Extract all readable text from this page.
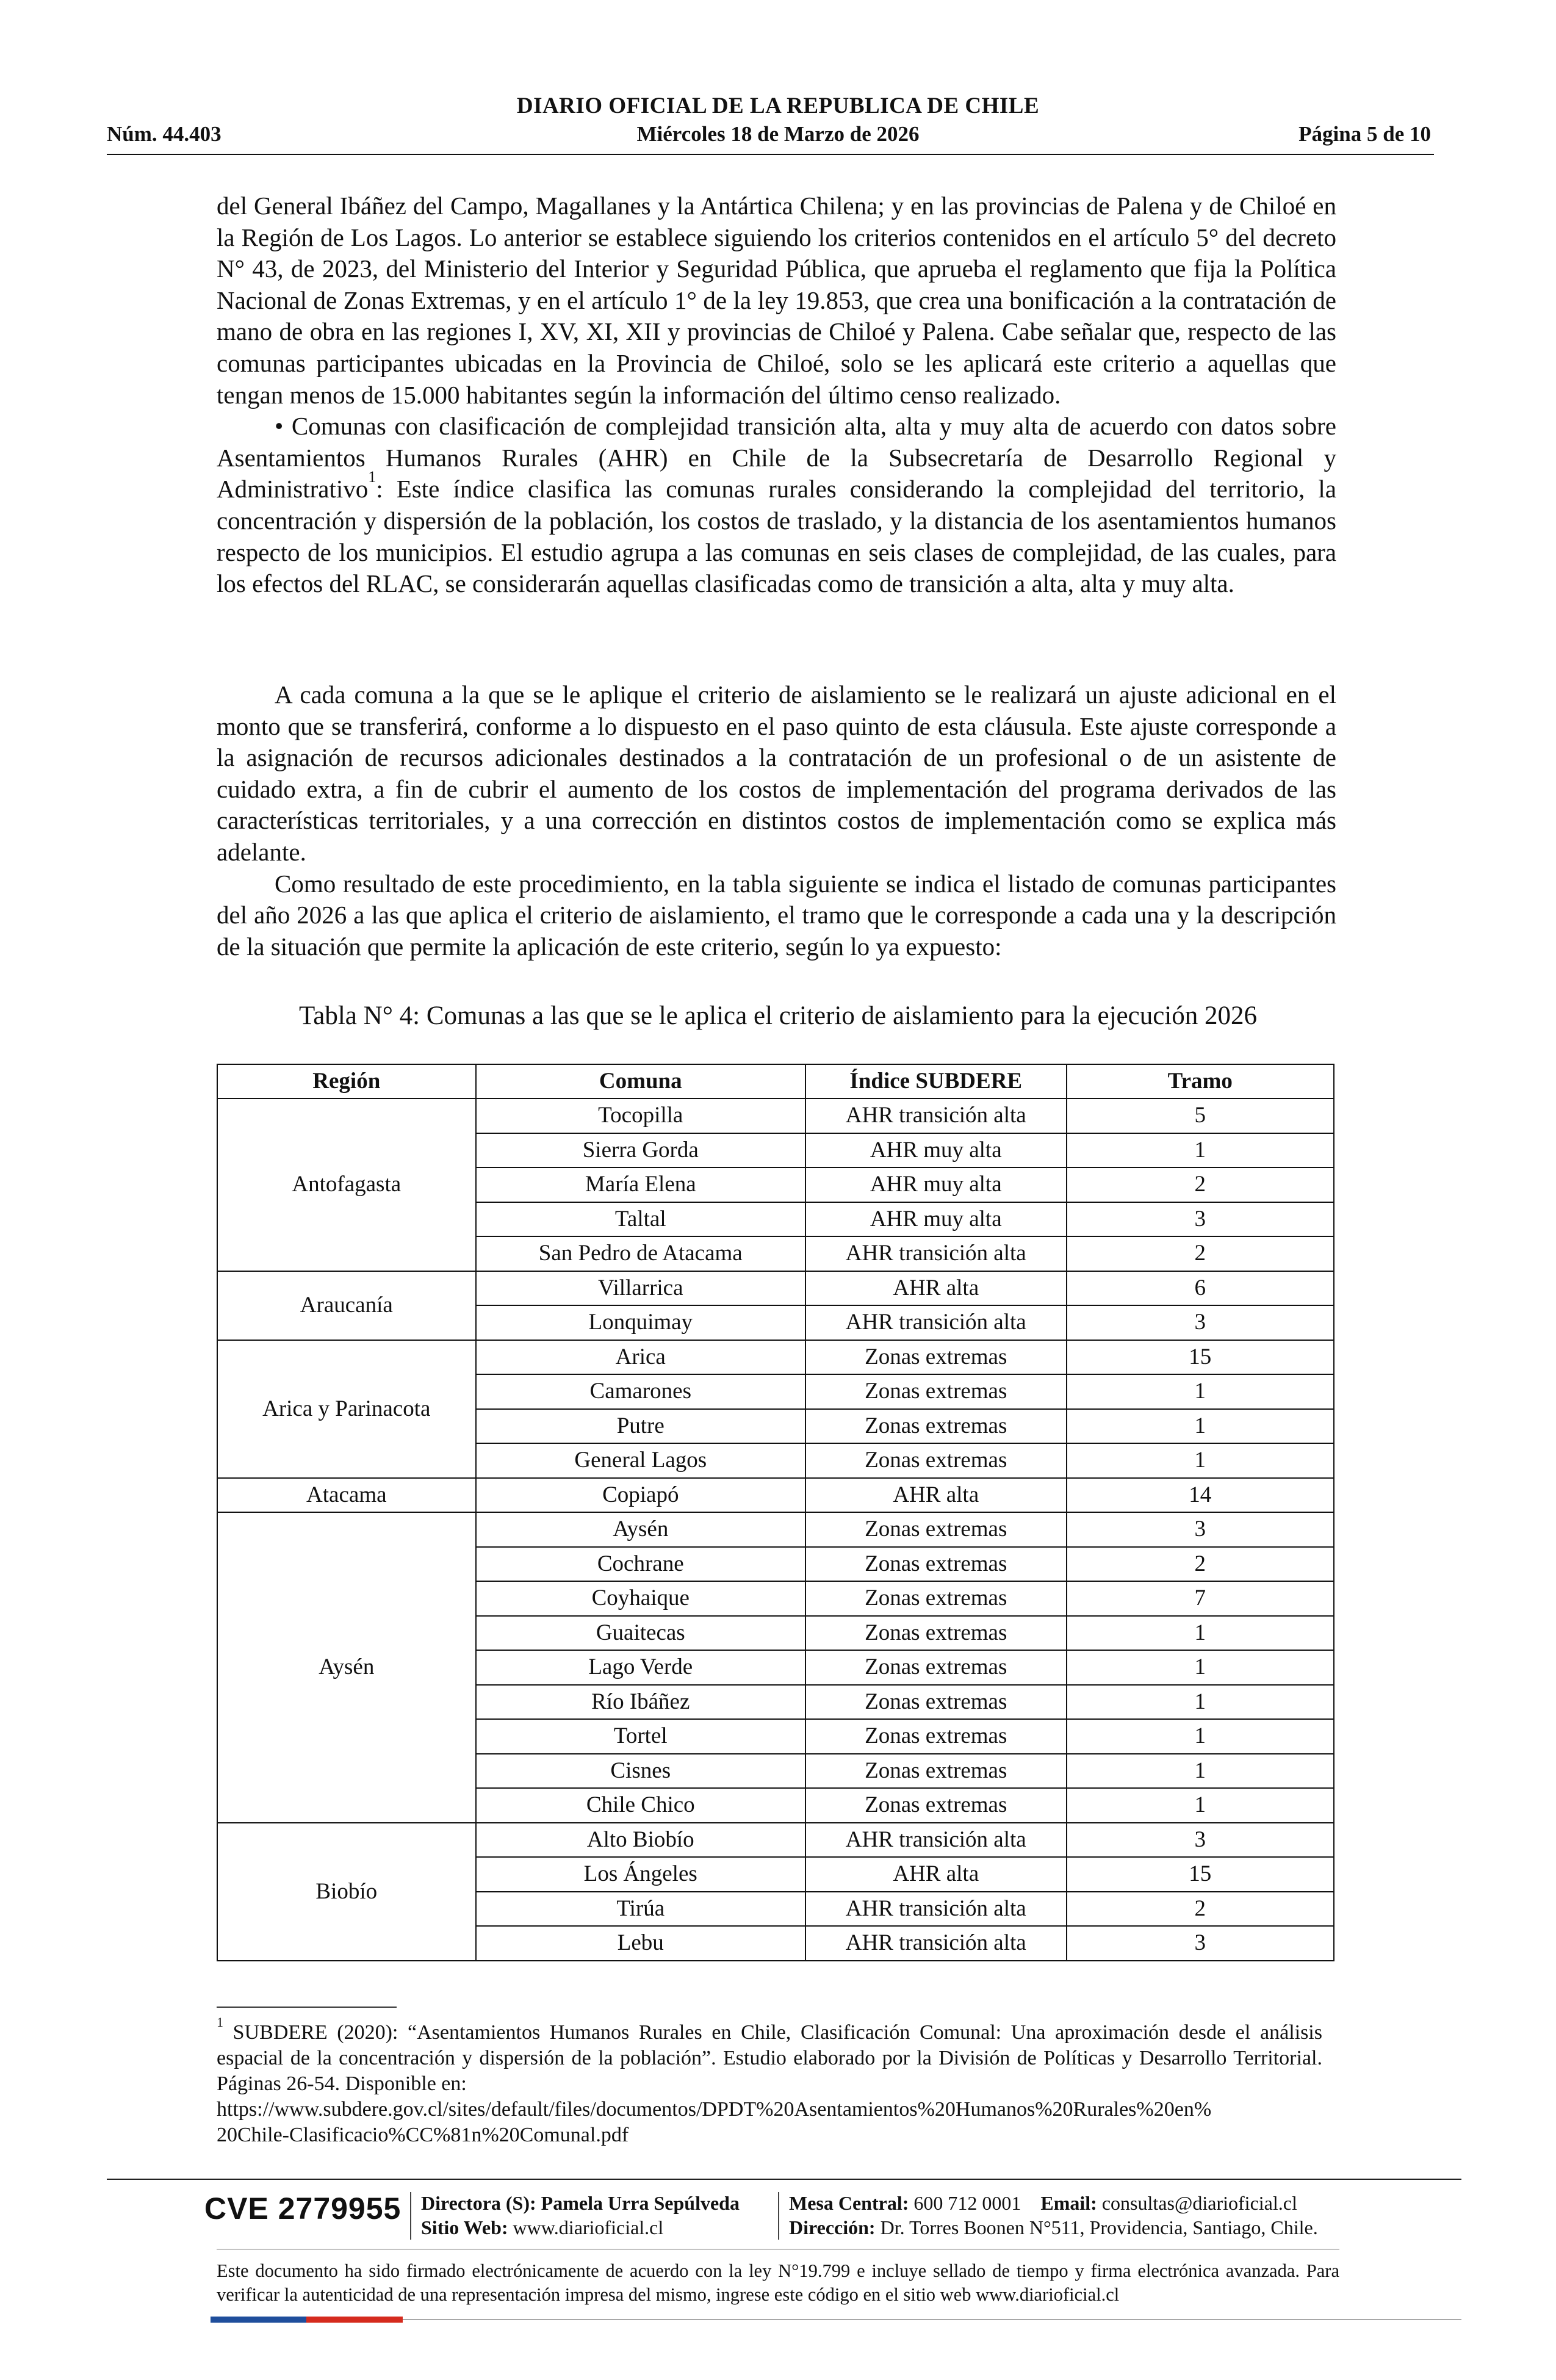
DIARIO OFICIAL DE LA REPUBLICA DE CHILE
Núm. 44.403	Miércoles 18 de Marzo de 2026	Página 5 de 10

del General Ibáñez del Campo, Magallanes y la Antártica Chilena; y en las provincias de Palena y de Chiloé en la Región de Los Lagos. Lo anterior se establece siguiendo los criterios contenidos en el artículo 5° del decreto N° 43, de 2023, del Ministerio del Interior y Seguridad Pública, que aprueba el reglamento que fija la Política Nacional de Zonas Extremas, y en el artículo 1° de la ley 19.853, que crea una bonificación a la contratación de mano de obra en las regiones I, XV, XI, XII y provincias de Chiloé y Palena. Cabe señalar que, respecto de las comunas participantes ubicadas en la Provincia de Chiloé, solo se les aplicará este criterio a aquellas que tengan menos de 15.000 habitantes según la información del último censo realizado.

• Comunas con clasificación de complejidad transición alta, alta y muy alta de acuerdo con datos sobre Asentamientos Humanos Rurales (AHR) en Chile de la Subsecretaría de Desarrollo Regional y Administrativo$^1$: Este índice clasifica las comunas rurales considerando la complejidad del territorio, la concentración y dispersión de la población, los costos de traslado, y la distancia de los asentamientos humanos respecto de los municipios. El estudio agrupa a las comunas en seis clases de complejidad, de las cuales, para los efectos del RLAC, se considerarán aquellas clasificadas como de transición a alta, alta y muy alta.

A cada comuna a la que se le aplique el criterio de aislamiento se le realizará un ajuste adicional en el monto que se transferirá, conforme a lo dispuesto en el paso quinto de esta cláusula. Este ajuste corresponde a la asignación de recursos adicionales destinados a la contratación de un profesional o de un asistente de cuidado extra, a fin de cubrir el aumento de los costos de implementación del programa derivados de las características territoriales, y a una corrección en distintos costos de implementación como se explica más adelante.

Como resultado de este procedimiento, en la tabla siguiente se indica el listado de comunas participantes del año 2026 a las que aplica el criterio de aislamiento, el tramo que le corresponde a cada una y la descripción de la situación que permite la aplicación de este criterio, según lo ya expuesto:

Tabla N° 4: Comunas a las que se le aplica el criterio de aislamiento para la ejecución 2026
Región	Comuna	Índice SUBDERE	Tramo
Antofagasta	Tocopilla	AHR transición alta	5
	Sierra Gorda	AHR muy alta	1
	María Elena	AHR muy alta	2
	Taltal	AHR muy alta	3
	San Pedro de Atacama	AHR transición alta	2
Araucanía	Villarrica	AHR alta	6
	Lonquimay	AHR transición alta	3
Arica y Parinacota	Arica	Zonas extremas	15
	Camarones	Zonas extremas	1
	Putre	Zonas extremas	1
	General Lagos	Zonas extremas	1
Atacama	Copiapó	AHR alta	14
Aysén	Aysén	Zonas extremas	3
	Cochrane	Zonas extremas	2
	Coyhaique	Zonas extremas	7
	Guaitecas	Zonas extremas	1
	Lago Verde	Zonas extremas	1
	Río Ibáñez	Zonas extremas	1
	Tortel	Zonas extremas	1
	Cisnes	Zonas extremas	1
	Chile Chico	Zonas extremas	1
Biobío	Alto Biobío	AHR transición alta	3
	Los Ángeles	AHR alta	15
	Tirúa	AHR transición alta	2
	Lebu	AHR transición alta	3
$^1$ SUBDERE (2020): “Asentamientos Humanos Rurales en Chile, Clasificación Comunal: Una aproximación desde el análisis espacial de la concentración y dispersión de la población”. Estudio elaborado por la División de Políticas y Desarrollo Territorial. Páginas 26-54. Disponible en:
https://www.subdere.gov.cl/sites/default/files/documentos/DPDT%20Asentamientos%20Humanos%20Rurales%20en%
20Chile-Clasificacio%CC%81n%20Comunal.pdf
CVE 2779955 Directora (S): Pamela Urra Sepúlveda
Sitio Web: www.diarioficial.cl
Mesa Central: 600 712 0001 Email: consultas@diarioficial.cl
Dirección: Dr. Torres Boonen N°511, Providencia, Santiago, Chile.
Este documento ha sido firmado electrónicamente de acuerdo con la ley N°19.799 e incluye sellado de tiempo y firma electrónica avanzada. Para verificar la autenticidad de una representación impresa del mismo, ingrese este código en el sitio web www.diarioficial.cl
